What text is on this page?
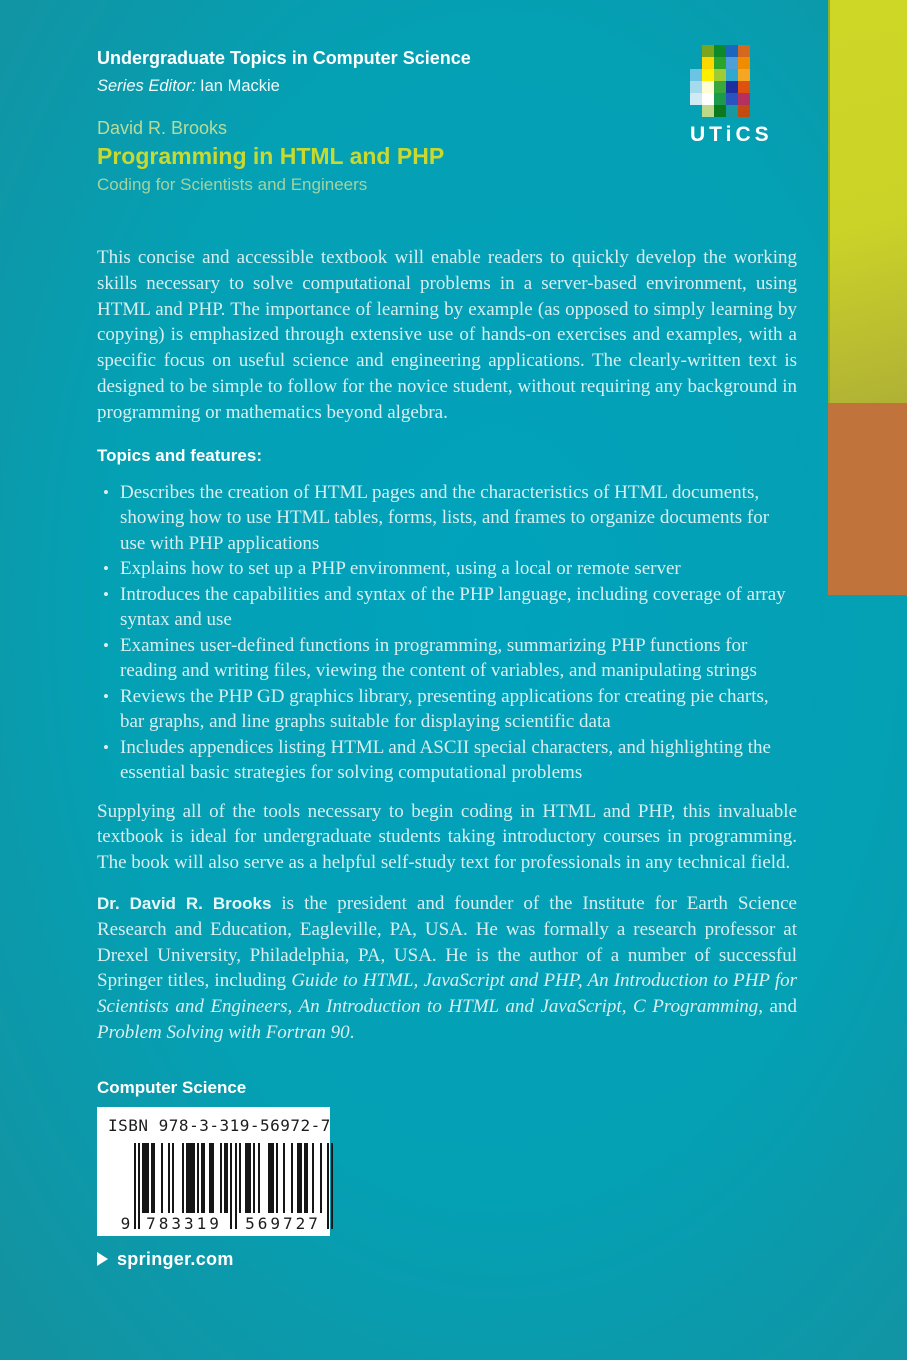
UTiCS
Undergraduate Topics in Computer Science
Series Editor: Ian Mackie
David R. Brooks
Programming in HTML and PHP
Coding for Scientists and Engineers

This concise and accessible textbook will enable readers to quickly develop the working skills necessary to solve computational problems in a server-based environment, using HTML and PHP. The importance of learning by example (as opposed to simply learning by copying) is emphasized through extensive use of hands-on exercises and examples, with a specific focus on useful science and engineering applications. The clearly-written text is designed to be simple to follow for the novice student, without requiring any background in programming or mathematics beyond algebra.

Topics and features:
• Describes the creation of HTML pages and the characteristics of HTML documents, showing how to use HTML tables, forms, lists, and frames to organize documents for use with PHP applications
• Explains how to set up a PHP environment, using a local or remote server
• Introduces the capabilities and syntax of the PHP language, including coverage of array syntax and use
• Examines user-defined functions in programming, summarizing PHP functions for reading and writing files, viewing the content of variables, and manipulating strings
• Reviews the PHP GD graphics library, presenting applications for creating pie charts, bar graphs, and line graphs suitable for displaying scientific data
• Includes appendices listing HTML and ASCII special characters, and highlighting the essential basic strategies for solving computational problems

Supplying all of the tools necessary to begin coding in HTML and PHP, this invaluable textbook is ideal for undergraduate students taking introductory courses in programming. The book will also serve as a helpful self-study text for professionals in any technical field.

Dr. David R. Brooks is the president and founder of the Institute for Earth Science Research and Education, Eagleville, PA, USA. He was formally a research professor at Drexel University, Philadelphia, PA, USA. He is the author of a number of successful Springer titles, including Guide to HTML, JavaScript and PHP, An Introduction to PHP for Scientists and Engineers, An Introduction to HTML and JavaScript, C Programming, and Problem Solving with Fortran 90.

Computer Science
ISBN 978-3-319-56972-7
9 783319 569727
springer.com
